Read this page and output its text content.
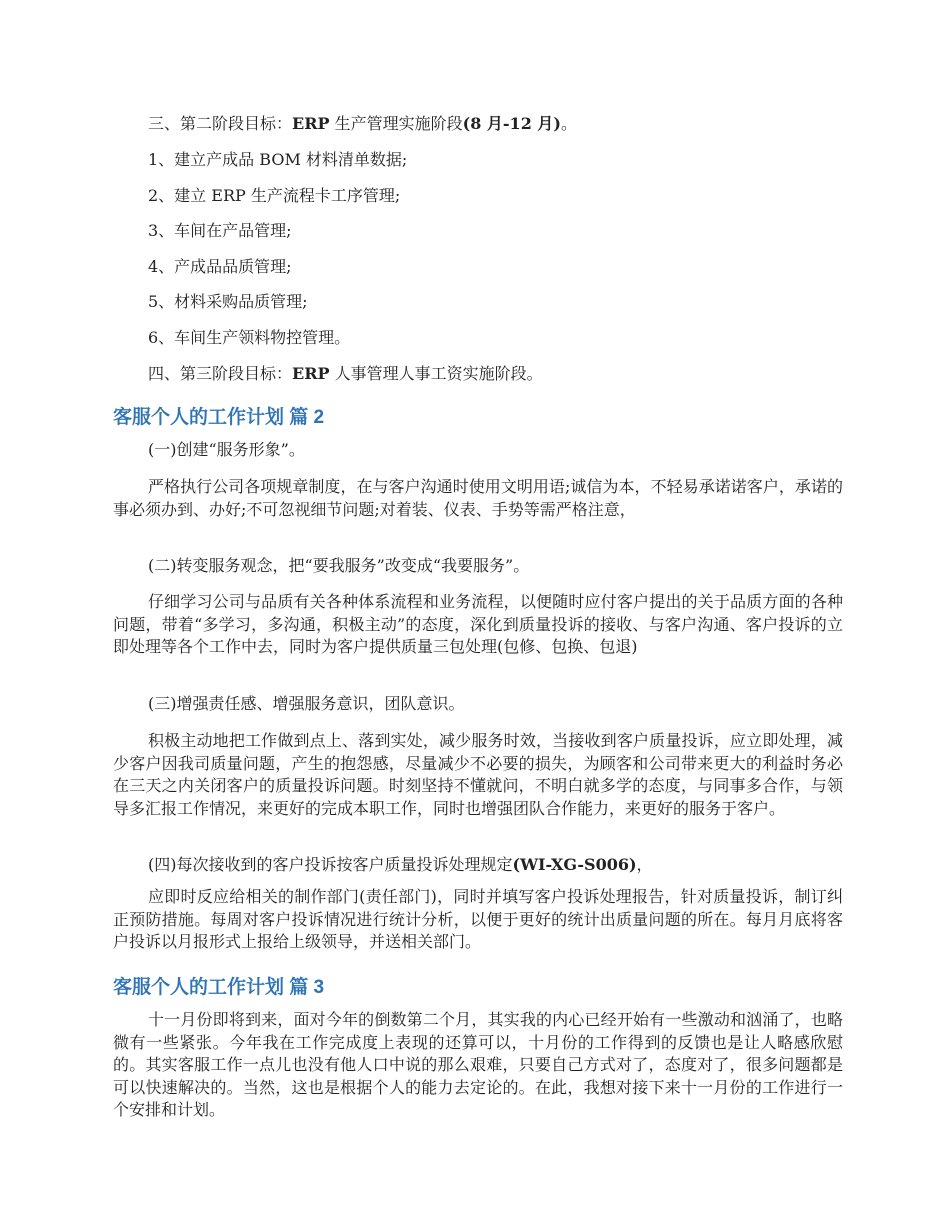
三、第二阶段目标：ERP 生产管理实施阶段(8 月-12 月)。
1、建立产成品 BOM 材料清单数据;
2、建立 ERP 生产流程卡工序管理;
3、车间在产品管理;
4、产成品品质管理;
5、材料采购品质管理;
6、车间生产领料物控管理。
四、第三阶段目标：ERP 人事管理人事工资实施阶段。
客服个人的工作计划 篇 2
(一)创建“服务形象”。
严格执行公司各项规章制度，在与客户沟通时使用文明用语;诚信为本，不轻易承诺诺客户，承诺的事必须办到、办好;不可忽视细节问题;对着装、仪表、手势等需严格注意，
(二)转变服务观念，把“要我服务”改变成“我要服务”。
仔细学习公司与品质有关各种体系流程和业务流程，以便随时应付客户提出的关于品质方面的各种问题，带着“多学习，多沟通，积极主动”的态度，深化到质量投诉的接收、与客户沟通、客户投诉的立即处理等各个工作中去，同时为客户提供质量三包处理(包修、包换、包退)
(三)增强责任感、增强服务意识，团队意识。
积极主动地把工作做到点上、落到实处，减少服务时效，当接收到客户质量投诉，应立即处理，减少客户因我司质量问题，产生的抱怨感，尽量减少不必要的损失，为顾客和公司带来更大的利益时务必在三天之内关闭客户的质量投诉问题。时刻坚持不懂就问，不明白就多学的态度，与同事多合作，与领导多汇报工作情况，来更好的完成本职工作，同时也增强团队合作能力，来更好的服务于客户。
(四)每次接收到的客户投诉按客户质量投诉处理规定(WI-XG-S006)，
应即时反应给相关的制作部门(责任部门)，同时并填写客户投诉处理报告，针对质量投诉，制订纠正预防措施。每周对客户投诉情况进行统计分析，以便于更好的统计出质量问题的所在。每月月底将客户投诉以月报形式上报给上级领导，并送相关部门。
客服个人的工作计划 篇 3
十一月份即将到来，面对今年的倒数第二个月，其实我的内心已经开始有一些激动和汹涌了，也略微有一些紧张。今年我在工作完成度上表现的还算可以，十月份的工作得到的反馈也是让人略感欣慰的。其实客服工作一点儿也没有他人口中说的那么艰难，只要自己方式对了，态度对了，很多问题都是可以快速解决的。当然，这也是根据个人的能力去定论的。在此，我想对接下来十一月份的工作进行一个安排和计划。
